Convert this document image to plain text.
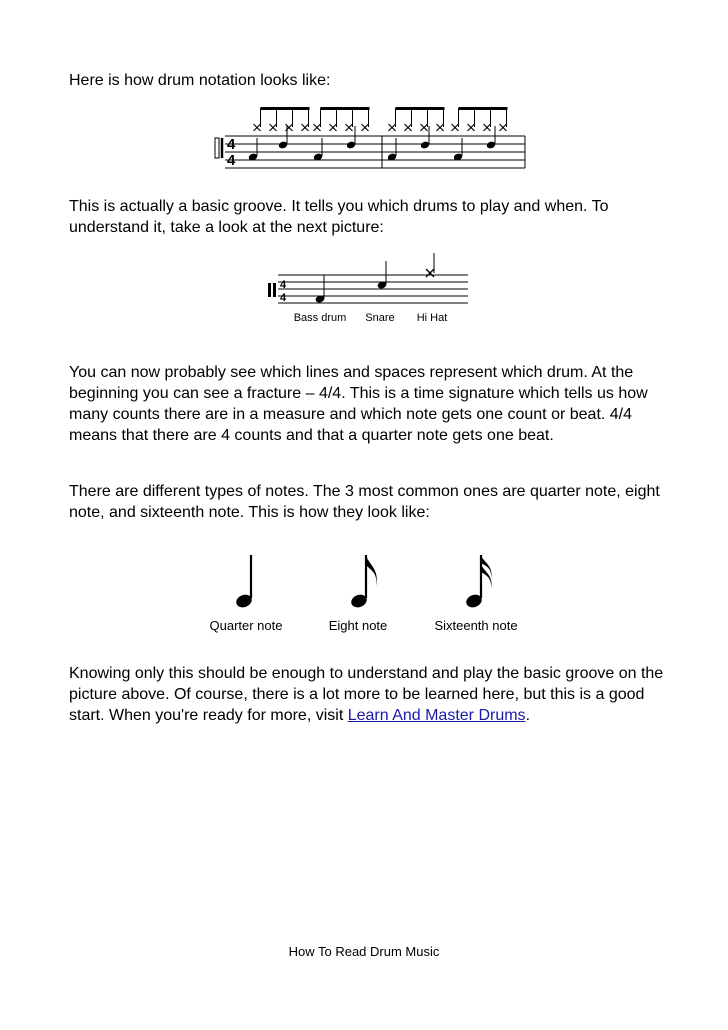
Here is how drum notation looks like:

4
4

This is actually a basic groove. It tells you which drums to play and when. To understand it, take a look at the next picture:

4
4
Bass drum Snare Hi Hat

You can now probably see which lines and spaces represent which drum. At the beginning you can see a fracture – 4/4. This is a time signature which tells us how many counts there are in a measure and which note gets one count or beat. 4/4 means that there are 4 counts and that a quarter note gets one beat.

There are different types of notes. The 3 most common ones are quarter note, eight note, and sixteenth note. This is how they look like:

Quarter note	Eight note	Sixteenth note

Knowing only this should be enough to understand and play the basic groove on the picture above. Of course, there is a lot more to be learned here, but this is a good start. When you're ready for more, visit Learn And Master Drums.

How To Read Drum Music
